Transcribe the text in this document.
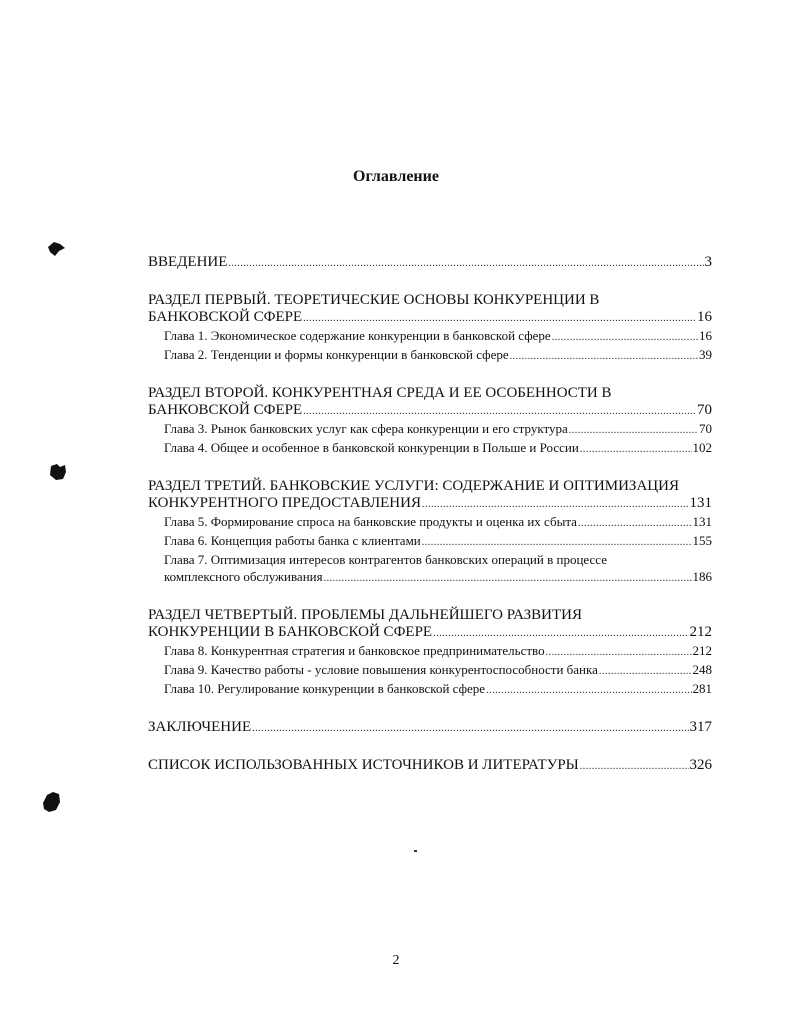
Оглавление
ВВЕДЕНИЕ .....	3
РАЗДЕЛ ПЕРВЫЙ. ТЕОРЕТИЧЕСКИЕ ОСНОВЫ КОНКУРЕНЦИИ В
БАНКОВСКОЙ СФЕРЕ .....	16
Глава 1. Экономическое содержание конкуренции в банковской сфере .....	16
Глава 2. Тенденции и формы конкуренции в банковской сфере .....	39
РАЗДЕЛ ВТОРОЙ. КОНКУРЕНТНАЯ СРЕДА И ЕЕ ОСОБЕННОСТИ В
БАНКОВСКОЙ СФЕРЕ .....	70
Глава 3. Рынок банковских услуг как сфера конкуренции и его структура .....	70
Глава 4. Общее и особенное в банковской конкуренции в Польше и России .....	102
РАЗДЕЛ ТРЕТИЙ. БАНКОВСКИЕ УСЛУГИ: СОДЕРЖАНИЕ И ОПТИМИЗАЦИЯ
КОНКУРЕНТНОГО ПРЕДОСТАВЛЕНИЯ .....	131
Глава 5. Формирование спроса на банковские продукты и оценка их сбыта .....	131
Глава 6. Концепция работы банка с клиентами .....	155
Глава 7. Оптимизация интересов контрагентов банковских операций в процессе
комплексного обслуживания .....	186
РАЗДЕЛ ЧЕТВЕРТЫЙ. ПРОБЛЕМЫ ДАЛЬНЕЙШЕГО РАЗВИТИЯ
КОНКУРЕНЦИИ В БАНКОВСКОЙ СФЕРЕ .....	212
Глава 8. Конкурентная стратегия и банковское предпринимательство .....	212
Глава 9. Качество работы - условие повышения конкурентоспособности банка .....	248
Глава 10. Регулирование конкуренции в банковской сфере .....	281
ЗАКЛЮЧЕНИЕ .....	317
СПИСОК ИСПОЛЬЗОВАННЫХ ИСТОЧНИКОВ И ЛИТЕРАТУРЫ .....	326
2
